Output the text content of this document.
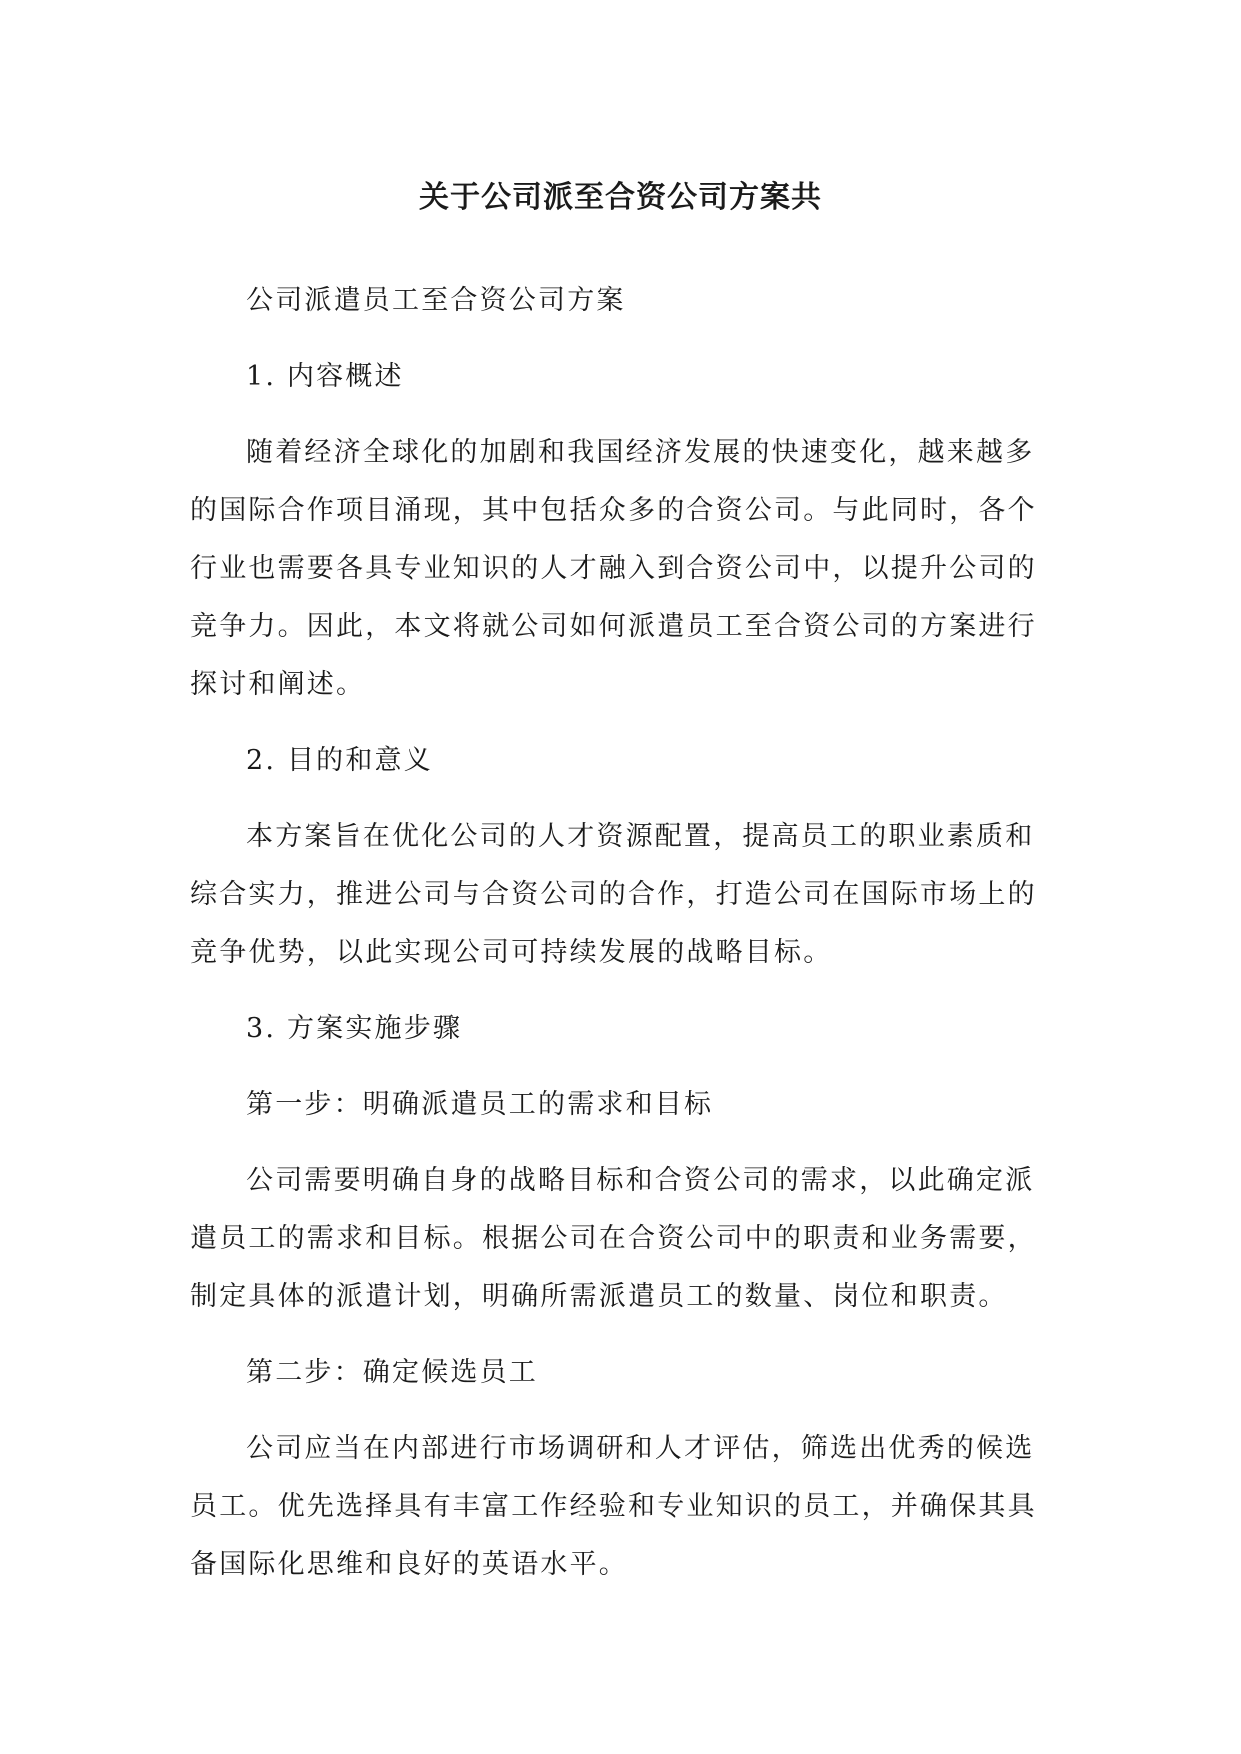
关于公司派至合资公司方案共

公司派遣员工至合资公司方案

1. 内容概述

随着经济全球化的加剧和我国经济发展的快速变化，越来越多

的国际合作项目涌现，其中包括众多的合资公司。与此同时，各个

行业也需要各具专业知识的人才融入到合资公司中，以提升公司的

竞争力。因此，本文将就公司如何派遣员工至合资公司的方案进行

探讨和阐述。

2. 目的和意义

本方案旨在优化公司的人才资源配置，提高员工的职业素质和

综合实力，推进公司与合资公司的合作，打造公司在国际市场上的

竞争优势，以此实现公司可持续发展的战略目标。

3. 方案实施步骤

第一步：明确派遣员工的需求和目标

公司需要明确自身的战略目标和合资公司的需求，以此确定派

遣员工的需求和目标。根据公司在合资公司中的职责和业务需要，

制定具体的派遣计划，明确所需派遣员工的数量、岗位和职责。

第二步：确定候选员工

公司应当在内部进行市场调研和人才评估，筛选出优秀的候选

员工。优先选择具有丰富工作经验和专业知识的员工，并确保其具

备国际化思维和良好的英语水平。
